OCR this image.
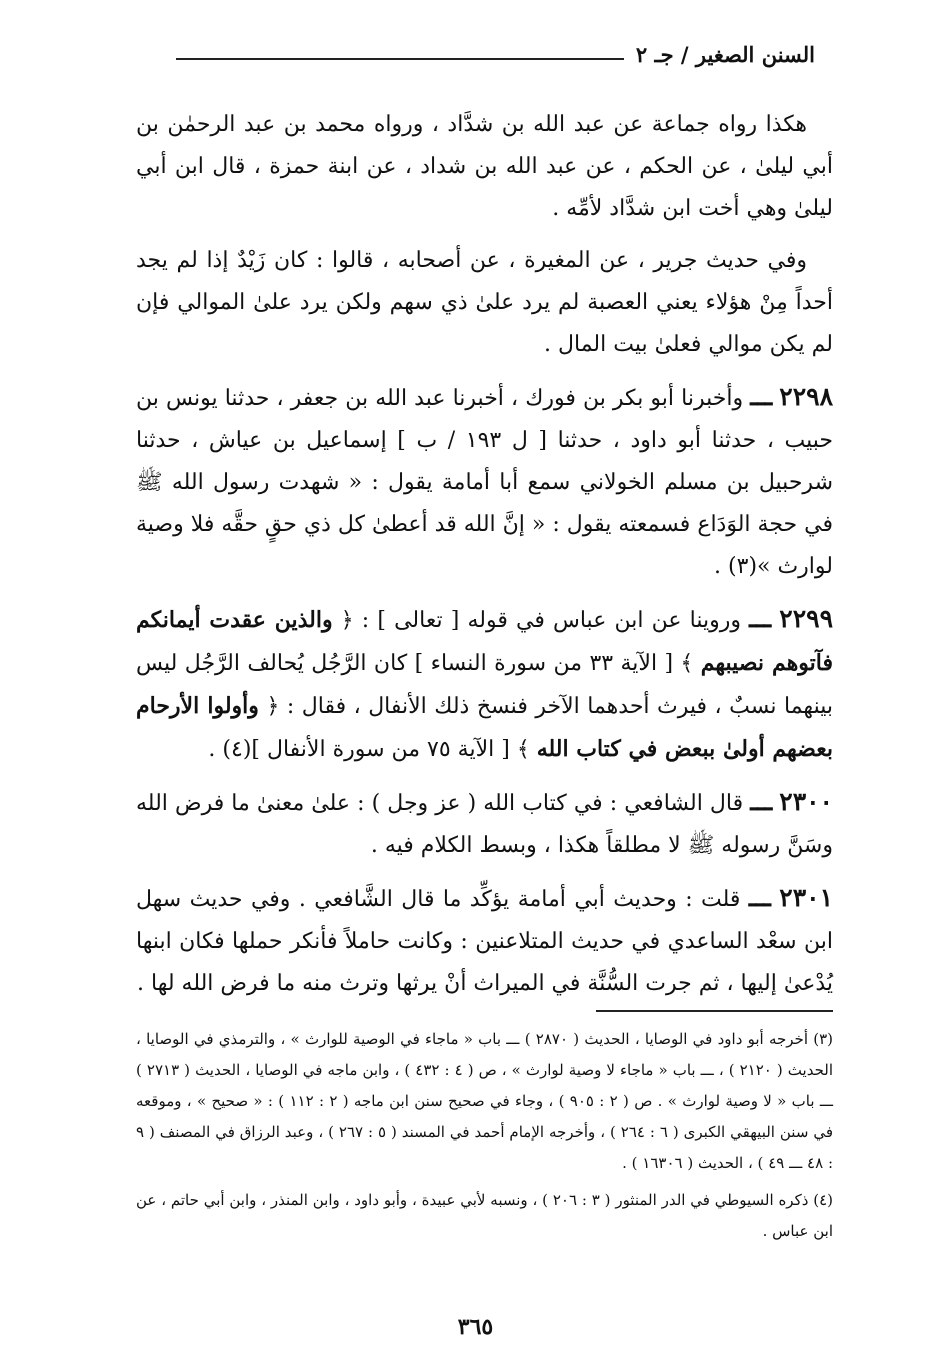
السنن الصغير / جـ ٢

هكذا رواه جماعة عن عبد الله بن شدَّاد ، ورواه محمد بن عبد الرحمٰن بن أبي ليلىٰ ، عن الحكم ، عن عبد الله بن شداد ، عن ابنة حمزة ، قال ابن أبي ليلىٰ وهي أخت ابن شدَّاد لأمِّه .

وفي حديث جرير ، عن المغيرة ، عن أصحابه ، قالوا : كان زَيْدٌ إذا لم يجد أحداً مِنْ هؤلاء يعني العصبة لم يرد علىٰ ذي سهم ولكن يرد علىٰ الموالي فإن لم يكن موالي فعلىٰ بيت المال .

٢٢٩٨ ـــ وأخبرنا أبو بكر بن فورك ، أخبرنا عبد الله بن جعفر ، حدثنا يونس بن حبيب ، حدثنا أبو داود ، حدثنا [ ل ١٩٣ / ب ] إسماعيل بن عياش ، حدثنا شرحبيل بن مسلم الخولاني سمع أبا أمامة يقول : « شهدت رسول الله ﷺ في حجة الوَدَاع فسمعته يقول : « إنَّ الله قد أعطىٰ كل ذي حقٍ حقَّه فلا وصية لوارث »(٣) .

٢٢٩٩ ـــ وروينا عن ابن عباس في قوله [ تعالى ] : ﴿ والذين عقدت أيمانكم فآتوهم نصيبهم ﴾ [ الآية ٣٣ من سورة النساء ] كان الرَّجُل يُحالف الرَّجُل ليس بينهما نسبٌ ، فيرث أحدهما الآخر فنسخ ذلك الأنفال ، فقال : ﴿ وأولوا الأرحام بعضهم أولىٰ ببعض في كتاب الله ﴾ [ الآية ٧٥ من سورة الأنفال ](٤) .

٢٣٠٠ ـــ قال الشافعي : في كتاب الله ( عز وجل ) : علىٰ معنىٰ ما فرض الله وسَنَّ رسوله ﷺ لا مطلقاً هكذا ، وبسط الكلام فيه .

٢٣٠١ ـــ قلت : وحديث أبي أمامة يؤكِّد ما قال الشَّافعي . وفي حديث سهل ابن سعْد الساعدي في حديث المتلاعنين : وكانت حاملاً فأنكر حملها فكان ابنها يُدْعىٰ إليها ، ثم جرت السُّنَّة في الميراث أنْ يرثها وترث منه ما فرض الله لها .

(٣) أخرجه أبو داود في الوصايا ، الحديث ( ٢٨٧٠ ) ـــ باب « ماجاء في الوصية للوارث » ، والترمذي في الوصايا ، الحديث ( ٢١٢٠ ) ، ـــ باب « ماجاء لا وصية لوارث » ، ص ( ٤ : ٤٣٢ ) ، وابن ماجه في الوصايا ، الحديث ( ٢٧١٣ ) ـــ باب « لا وصية لوارث » . ص ( ٢ : ٩٠٥ ) ، وجاء في صحيح سنن ابن ماجه ( ٢ : ١١٢ ) : « صحيح » ، وموقعه في سنن البيهقي الكبرى ( ٦ : ٢٦٤ ) ، وأخرجه الإمام أحمد في المسند ( ٥ : ٢٦٧ ) ، وعبد الرزاق في المصنف ( ٩ : ٤٨ ـــ ٤٩ ) ، الحديث ( ١٦٣٠٦ ) .

(٤) ذكره السيوطي في الدر المنثور ( ٣ : ٢٠٦ ) ، ونسبه لأبي عبيدة ، وأبو داود ، وابن المنذر ، وابن أبي حاتم ، عن ابن عباس .

٣٦٥
